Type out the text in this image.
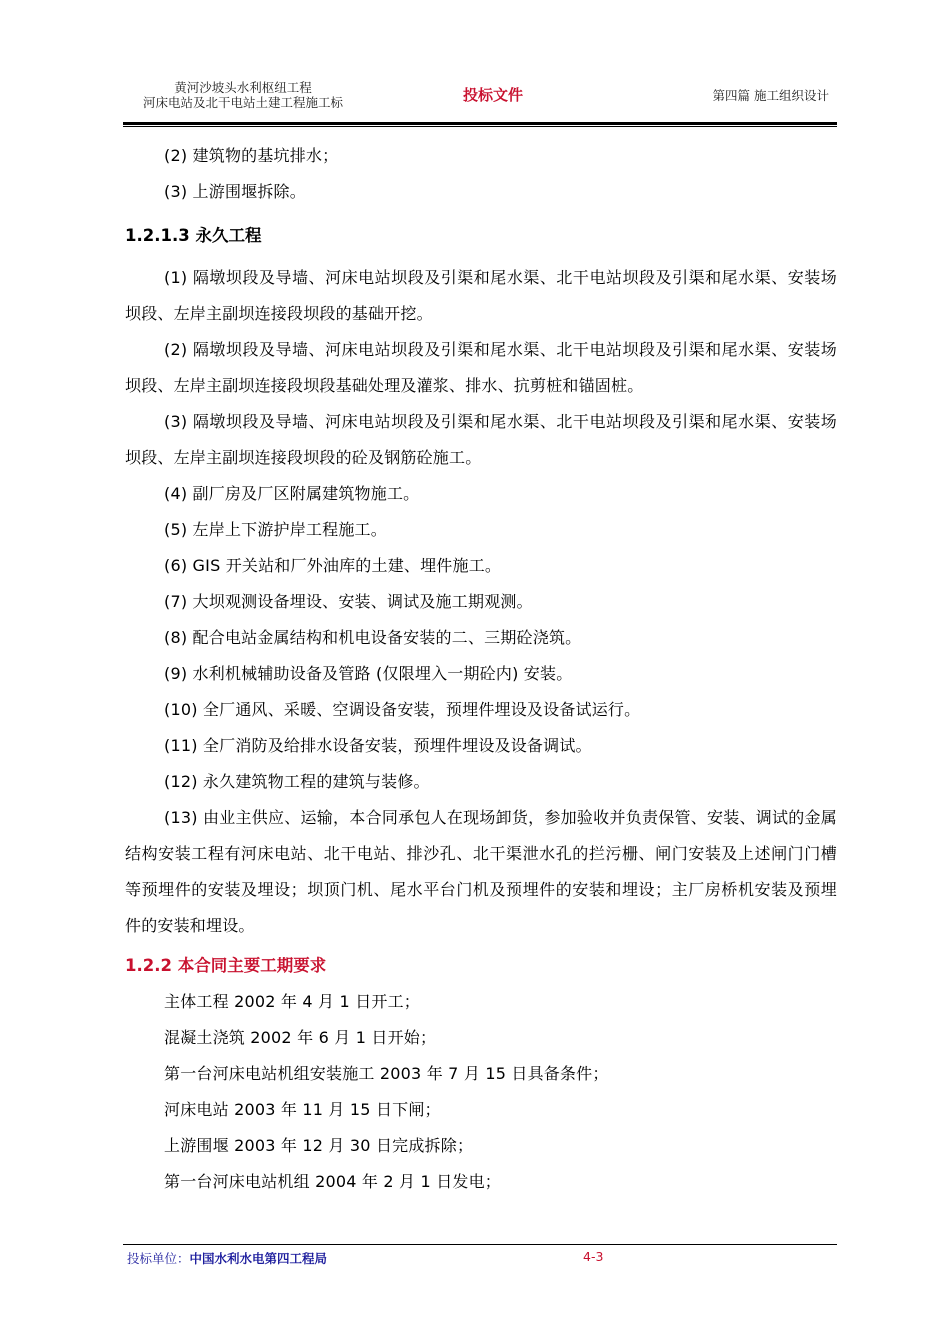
黄河沙坡头水利枢纽工程
河床电站及北干电站土建工程施工标	投标文件	第四篇 施工组织设计

(2) 建筑物的基坑排水；

(3) 上游围堰拆除。

1.2.1.3 永久工程

(1) 隔墩坝段及导墙、河床电站坝段及引渠和尾水渠、北干电站坝段及引渠和尾水渠、安装场坝段、左岸主副坝连接段坝段的基础开挖。

(2) 隔墩坝段及导墙、河床电站坝段及引渠和尾水渠、北干电站坝段及引渠和尾水渠、安装场坝段、左岸主副坝连接段坝段基础处理及灌浆、排水、抗剪桩和锚固桩。

(3) 隔墩坝段及导墙、河床电站坝段及引渠和尾水渠、北干电站坝段及引渠和尾水渠、安装场坝段、左岸主副坝连接段坝段的砼及钢筋砼施工。

(4) 副厂房及厂区附属建筑物施工。

(5) 左岸上下游护岸工程施工。

(6) GIS 开关站和厂外油库的土建、埋件施工。

(7) 大坝观测设备埋设、安装、调试及施工期观测。

(8) 配合电站金属结构和机电设备安装的二、三期砼浇筑。

(9) 水利机械辅助设备及管路 (仅限埋入一期砼内) 安装。

(10) 全厂通风、采暖、空调设备安装，预埋件埋设及设备试运行。

(11) 全厂消防及给排水设备安装，预埋件埋设及设备调试。

(12) 永久建筑物工程的建筑与装修。

(13) 由业主供应、运输，本合同承包人在现场卸货，参加验收并负责保管、安装、调试的金属结构安装工程有河床电站、北干电站、排沙孔、北干渠泄水孔的拦污栅、闸门安装及上述闸门门槽等预埋件的安装及埋设；坝顶门机、尾水平台门机及预埋件的安装和埋设；主厂房桥机安装及预埋件的安装和埋设。

1.2.2 本合同主要工期要求

主体工程 2002 年 4 月 1 日开工；

混凝土浇筑 2002 年 6 月 1 日开始；

第一台河床电站机组安装施工 2003 年 7 月 15 日具备条件；

河床电站 2003 年 11 月 15 日下闸；

上游围堰 2003 年 12 月 30 日完成拆除；

第一台河床电站机组 2004 年 2 月 1 日发电；

投标单位：中国水利水电第四工程局	4-3
